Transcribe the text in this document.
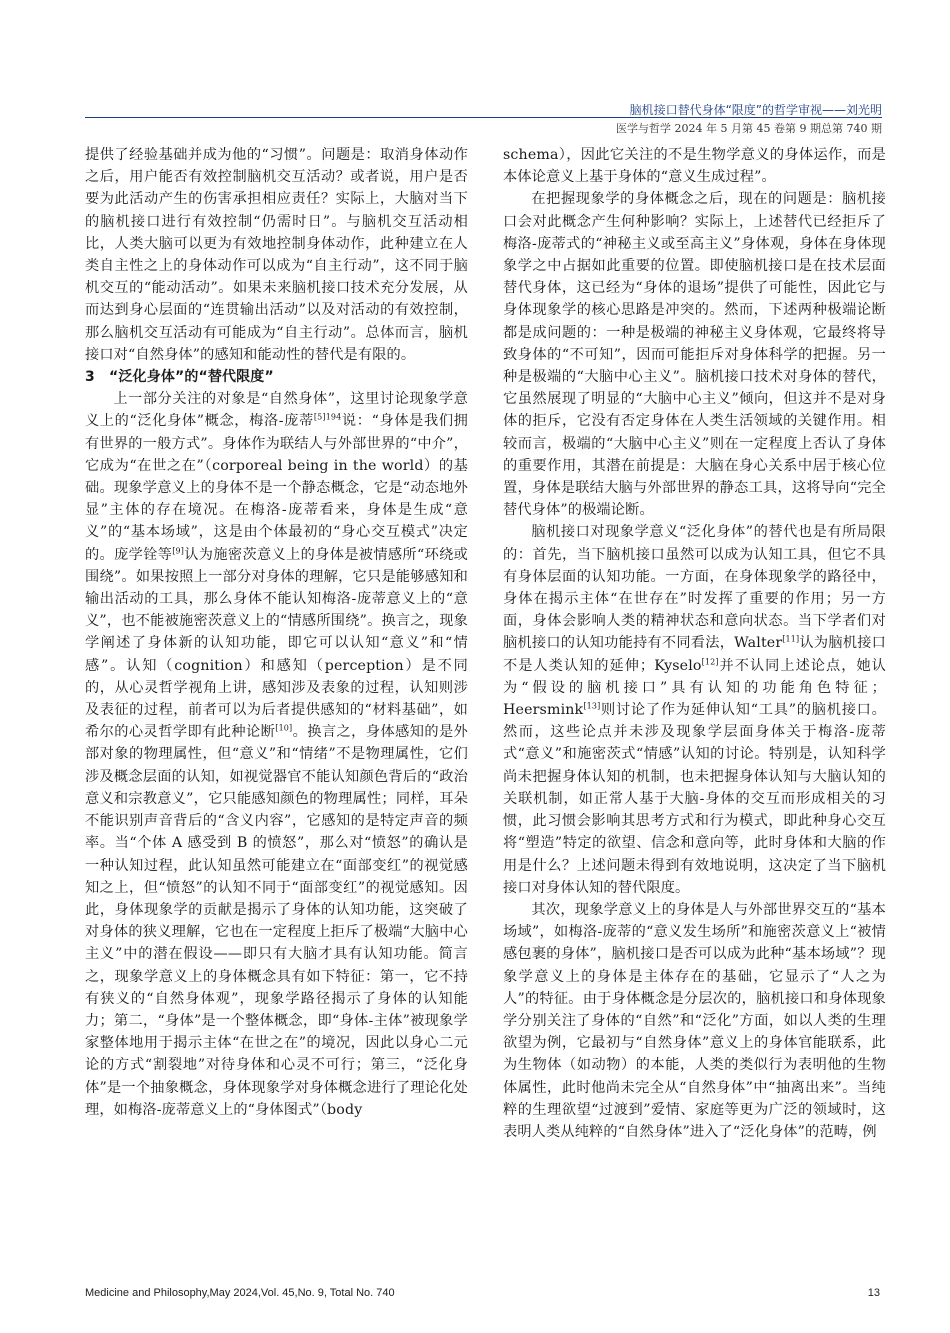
脑机接口替代身体“限度”的哲学审视——刘光明
医学与哲学 2024 年 5 月第 45 卷第 9 期总第 740 期

提供了经验基础并成为他的“习惯”。问题是：取消身体动作之后，用户能否有效控制脑机交互活动？或者说，用户是否要为此活动产生的伤害承担相应责任？实际上，大脑对当下的脑机接口进行有效控制“仍需时日”。与脑机交互活动相比，人类大脑可以更为有效地控制身体动作，此种建立在人类自主性之上的身体动作可以成为“自主行动”，这不同于脑机交互的“能动活动”。如果未来脑机接口技术充分发展，从而达到身心层面的“连贯输出活动”以及对活动的有效控制，那么脑机交互活动有可能成为“自主行动”。总体而言，脑机接口对“自然身体”的感知和能动性的替代是有限的。

3　“泛化身体”的“替代限度”

上一部分关注的对象是“自然身体”，这里讨论现象学意义上的“泛化身体”概念，梅洛-庞蒂$^{[5]194}$说：“身体是我们拥有世界的一般方式”。身体作为联结人与外部世界的“中介”，它成为“在世之在”（corporeal being in the world）的基础。现象学意义上的身体不是一个静态概念，它是“动态地外显”主体的存在境况。在梅洛-庞蒂看来，身体是生成“意义”的“基本场域”，这是由个体最初的“身心交互模式”决定的。庞学铨等[9]认为施密茨意义上的身体是被情感所“环绕或围绕”。如果按照上一部分对身体的理解，它只是能够感知和输出活动的工具，那么身体不能认知梅洛-庞蒂意义上的“意义”，也不能被施密茨意义上的“情感所围绕”。换言之，现象学阐述了身体新的认知功能，即它可以认知“意义”和“情感”。认知（cognition）和感知（perception）是不同的，从心灵哲学视角上讲，感知涉及表象的过程，认知则涉及表征的过程，前者可以为后者提供感知的“材料基础”，如希尔的心灵哲学即有此种论断[10]。换言之，身体感知的是外部对象的物理属性，但“意义”和“情绪”不是物理属性，它们涉及概念层面的认知，如视觉器官不能认知颜色背后的“政治意义和宗教意义”，它只能感知颜色的物理属性；同样，耳朵不能识别声音背后的“含义内容”，它感知的是特定声音的频率。当“个体 A 感受到 B 的愤怒”，那么对“愤怒”的确认是一种认知过程，此认知虽然可能建立在“面部变红”的视觉感知之上，但“愤怒”的认知不同于“面部变红”的视觉感知。因此，身体现象学的贡献是揭示了身体的认知功能，这突破了对身体的狭义理解，它也在一定程度上拒斥了极端“大脑中心主义”中的潜在假设——即只有大脑才具有认知功能。简言之，现象学意义上的身体概念具有如下特征：第一，它不持有狭义的“自然身体观”，现象学路径揭示了身体的认知能力；第二，“身体”是一个整体概念，即“身体-主体”被现象学家整体地用于揭示主体“在世之在”的境况，因此以身心二元论的方式“割裂地”对待身体和心灵不可行；第三，“泛化身体”是一个抽象概念，身体现象学对身体概念进行了理论化处理，如梅洛-庞蒂意义上的“身体图式”（body

schema），因此它关注的不是生物学意义的身体运作，而是本体论意义上基于身体的“意义生成过程”。

在把握现象学的身体概念之后，现在的问题是：脑机接口会对此概念产生何种影响？实际上，上述替代已经拒斥了梅洛-庞蒂式的“神秘主义或至高主义”身体观，身体在身体现象学之中占据如此重要的位置。即使脑机接口是在技术层面替代身体，这已经为“身体的退场”提供了可能性，因此它与身体现象学的核心思路是冲突的。然而，下述两种极端论断都是成问题的：一种是极端的神秘主义身体观，它最终将导致身体的“不可知”，因而可能拒斥对身体科学的把握。另一种是极端的“大脑中心主义”。脑机接口技术对身体的替代，它虽然展现了明显的“大脑中心主义”倾向，但这并不是对身体的拒斥，它没有否定身体在人类生活领域的关键作用。相较而言，极端的“大脑中心主义”则在一定程度上否认了身体的重要作用，其潜在前提是：大脑在身心关系中居于核心位置，身体是联结大脑与外部世界的静态工具，这将导向“完全替代身体”的极端论断。

脑机接口对现象学意义“泛化身体”的替代也是有所局限的：首先，当下脑机接口虽然可以成为认知工具，但它不具有身体层面的认知功能。一方面，在身体现象学的路径中，身体在揭示主体“在世存在”时发挥了重要的作用；另一方面，身体会影响人类的精神状态和意向状态。当下学者们对脑机接口的认知功能持有不同看法，Walter[11]认为脑机接口不是人类认知的延伸；Kyselo[12]并不认同上述论点，她认为“假设的脑机接口”具有认知的功能角色特征；Heersmink[13]则讨论了作为延伸认知“工具”的脑机接口。然而，这些论点并未涉及现象学层面身体关于梅洛-庞蒂式“意义”和施密茨式“情感”认知的讨论。特别是，认知科学尚未把握身体认知的机制，也未把握身体认知与大脑认知的关联机制，如正常人基于大脑-身体的交互而形成相关的习惯，此习惯会影响其思考方式和行为模式，即此种身心交互将“塑造”特定的欲望、信念和意向等，此时身体和大脑的作用是什么？上述问题未得到有效地说明，这决定了当下脑机接口对身体认知的替代限度。

其次，现象学意义上的身体是人与外部世界交互的“基本场域”，如梅洛-庞蒂的“意义发生场所”和施密茨意义上“被情感包裹的身体”，脑机接口是否可以成为此种“基本场域”？现象学意义上的身体是主体存在的基础，它显示了“人之为人”的特征。由于身体概念是分层次的，脑机接口和身体现象学分别关注了身体的“自然”和“泛化”方面，如以人类的生理欲望为例，它最初与“自然身体”意义上的身体官能联系，此为生物体（如动物）的本能，人类的类似行为表明他的生物体属性，此时他尚未完全从“自然身体”中“抽离出来”。当纯粹的生理欲望“过渡到”爱情、家庭等更为广泛的领域时，这表明人类从纯粹的“自然身体”进入了“泛化身体”的范畴，例

Medicine and Philosophy,May 2024,Vol. 45,No. 9, Total No. 740	13
